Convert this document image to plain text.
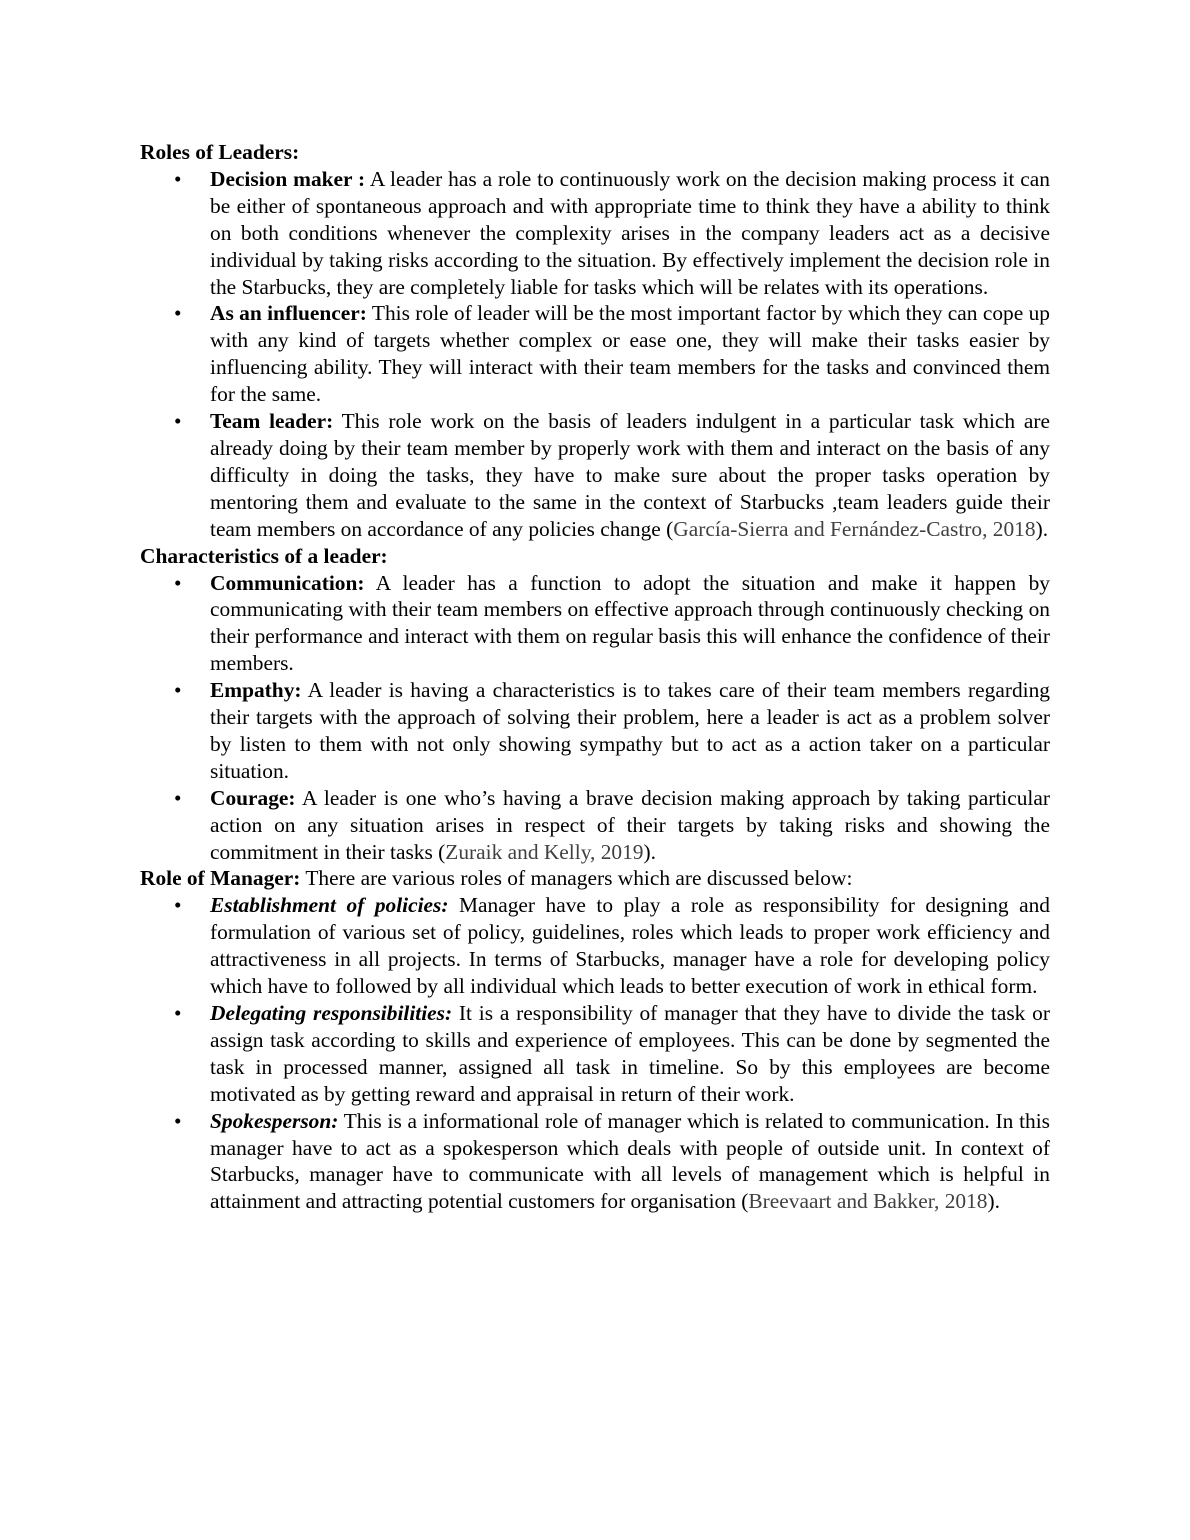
Roles of Leaders:

• Decision maker : A leader has a role to continuously work on the decision making process it can be either of spontaneous approach and with appropriate time to think they have a ability to think on both conditions whenever the complexity arises in the company leaders act as a decisive individual by taking risks according to the situation. By effectively implement the decision role in the Starbucks, they are completely liable for tasks which will be relates with its operations.
• As an influencer: This role of leader will be the most important factor by which they can cope up with any kind of targets whether complex or ease one, they will make their tasks easier by influencing ability. They will interact with their team members for the tasks and convinced them for the same.
• Team leader: This role work on the basis of leaders indulgent in a particular task which are already doing by their team member by properly work with them and interact on the basis of any difficulty in doing the tasks, they have to make sure about the proper tasks operation by mentoring them and evaluate to the same in the context of Starbucks ,team leaders guide their team members on accordance of any policies change (García-Sierra and Fernández-Castro, 2018).

Characteristics of a leader:

• Communication: A leader has a function to adopt the situation and make it happen by communicating with their team members on effective approach through continuously checking on their performance and interact with them on regular basis this will enhance the confidence of their members.
• Empathy: A leader is having a characteristics is to takes care of their team members regarding their targets with the approach of solving their problem, here a leader is act as a problem solver by listen to them with not only showing sympathy but to act as a action taker on a particular situation.
• Courage: A leader is one who’s having a brave decision making approach by taking particular action on any situation arises in respect of their targets by taking risks and showing the commitment in their tasks (Zuraik and Kelly, 2019).

Role of Manager: There are various roles of managers which are discussed below:

• Establishment of policies: Manager have to play a role as responsibility for designing and formulation of various set of policy, guidelines, roles which leads to proper work efficiency and attractiveness in all projects. In terms of Starbucks, manager have a role for developing policy which have to followed by all individual which leads to better execution of work in ethical form.
• Delegating responsibilities: It is a responsibility of manager that they have to divide the task or assign task according to skills and experience of employees. This can be done by segmented the task in processed manner, assigned all task in timeline. So by this employees are become motivated as by getting reward and appraisal in return of their work.
• Spokesperson: This is a informational role of manager which is related to communication. In this manager have to act as a spokesperson which deals with people of outside unit. In context of Starbucks, manager have to communicate with all levels of management which is helpful in attainment and attracting potential customers for organisation (Breevaart and Bakker, 2018).
